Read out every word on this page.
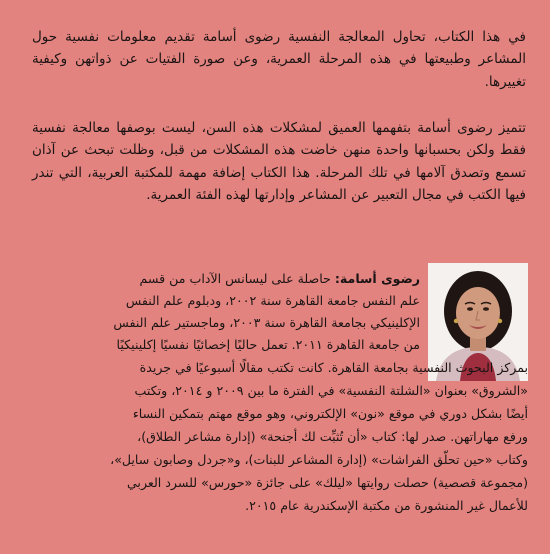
في هذا الكتاب، تحاول المعالجة النفسية رضوى أسامة تقديم معلومات نفسية حول المشاعر وطبيعتها في هذه المرحلة العمرية، وعن صورة الفتيات عن ذواتهن وكيفية تغييرها.

تتميز رضوى أسامة بتفهمها العميق لمشكلات هذه السن، ليست بوصفها معالجة نفسية فقط ولكن بحسبانها واحدة منهن خاضت هذه المشكلات من قبل، وظلت تبحث عن آذان تسمع وتصدق آلامها في تلك المرحلة. هذا الكتاب إضافة مهمة للمكتبة العربية، التي تندر فيها الكتب في مجال التعبير عن المشاعر وإدارتها لهذه الفئة العمرية.

رضوى أسامة: حاصلة على ليسانس الآداب من قسم
علم النفس جامعة القاهرة سنة ٢٠٠٢، ودبلوم علم النفس
الإكلينيكي بجامعة القاهرة سنة ٢٠٠٣، وماجستير علم النفس
من جامعة القاهرة ٢٠١١. تعمل حاليًا إخصائيًا نفسيًا إكلينيكيًا
بمركز البحوث النفسية بجامعة القاهرة. كانت تكتب مقالًا أسبوعيًا في جريدة
«الشروق» بعنوان «الشلتة النفسية» في الفترة ما بين ٢٠٠٩ و ٢٠١٤، وتكتب
أيضًا بشكل دوري في موقع «نون» الإلكتروني، وهو موقع مهتم بتمكين النساء
ورفع مهاراتهن. صدر لها: كتاب «أن تُثبِّت لك أجنحة» (إدارة مشاعر الطلاق)،
وكتاب «حين تحلّق الفراشات» (إدارة المشاعر للبنات)، و«جردل وصابون سايل»،
(مجموعة قصصية) حصلت روايتها «ليلك» على جائزة «حورس» للسرد العربي
للأعمال غير المنشورة من مكتبة الإسكندرية عام ٢٠١٥.
